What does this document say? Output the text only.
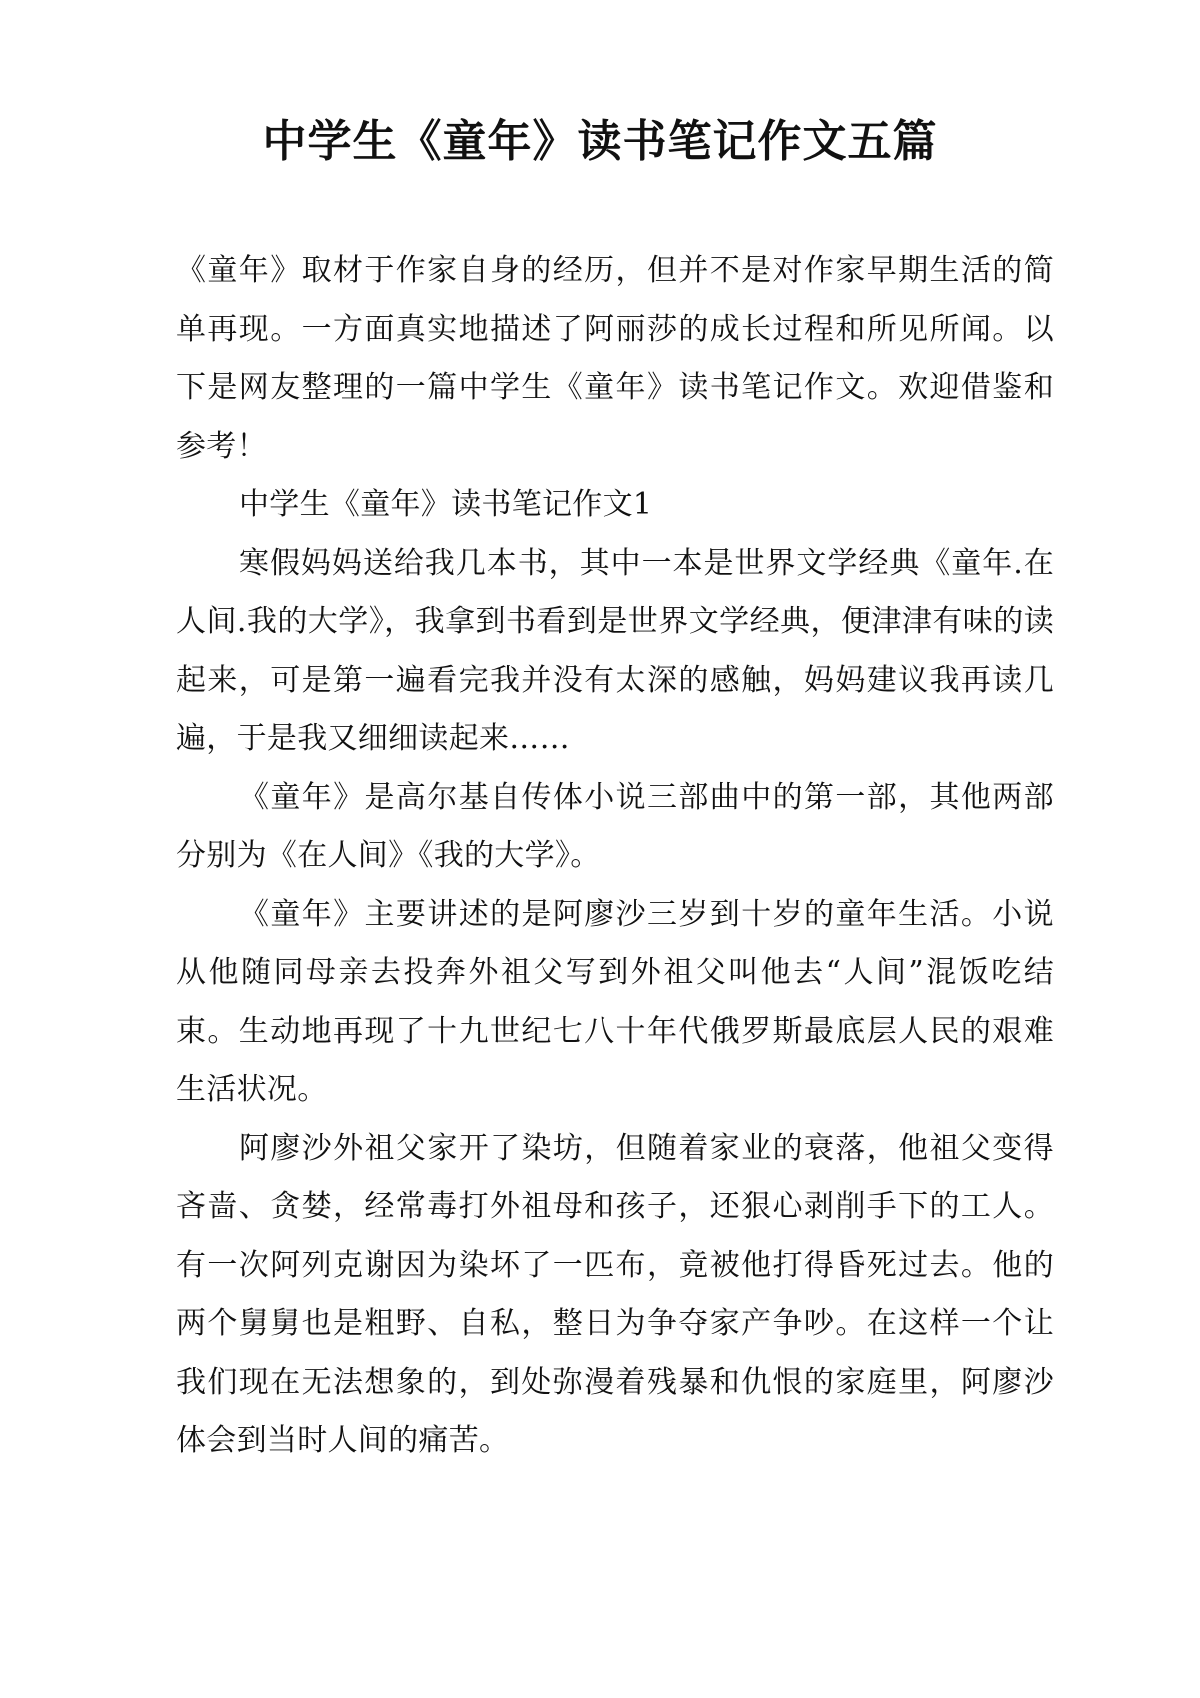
中学生《童年》读书笔记作文五篇

《童年》取材于作家自身的经历，但并不是对作家早期生活的简单再现。一方面真实地描述了阿丽莎的成长过程和所见所闻。以下是网友整理的一篇中学生《童年》读书笔记作文。欢迎借鉴和参考！

中学生《童年》读书笔记作文1

寒假妈妈送给我几本书，其中一本是世界文学经典《童年.在人间.我的大学》，我拿到书看到是世界文学经典，便津津有味的读起来，可是第一遍看完我并没有太深的感触，妈妈建议我再读几遍，于是我又细细读起来……

《童年》是高尔基自传体小说三部曲中的第一部，其他两部分别为《在人间》《我的大学》。

《童年》主要讲述的是阿廖沙三岁到十岁的童年生活。小说从他随同母亲去投奔外祖父写到外祖父叫他去“人间”混饭吃结束。生动地再现了十九世纪七八十年代俄罗斯最底层人民的艰难生活状况。

阿廖沙外祖父家开了染坊，但随着家业的衰落，他祖父变得吝啬、贪婪，经常毒打外祖母和孩子，还狠心剥削手下的工人。有一次阿列克谢因为染坏了一匹布，竟被他打得昏死过去。他的两个舅舅也是粗野、自私，整日为争夺家产争吵。在这样一个让我们现在无法想象的，到处弥漫着残暴和仇恨的家庭里，阿廖沙体会到当时人间的痛苦。
